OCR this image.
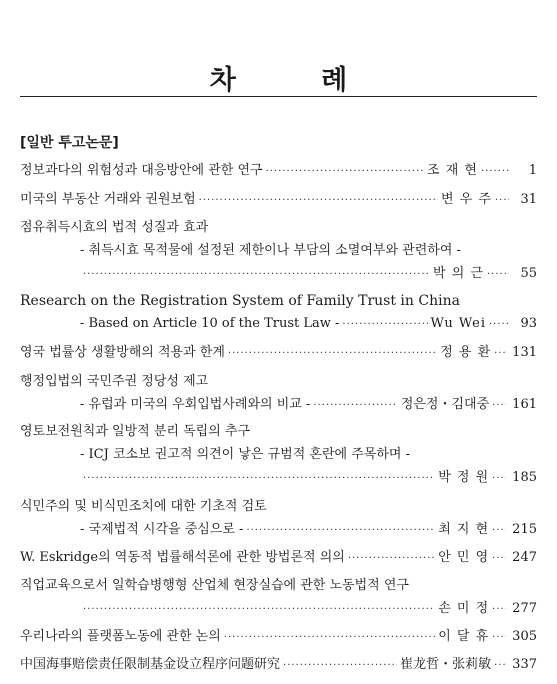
차 례
[일반 투고논문]
정보과다의 위험성과 대응방안에 관한 연구 ·····	조 재 현 ·····	1
미국의 부동산 거래와 권원보험 ·····	변 우 주 ·····	31
점유취득시효의 법적 성질과 효과
- 취득시효 목적물에 설정된 제한이나 부담의 소멸여부와 관련하여 -
·····
박 의 근 ·····	55
Research on the Registration System of Family Trust in China
- Based on Article 10 of the Trust Law - ·····	Wu Wei ·····	93
영국 법률상 생활방해의 적용과 한계 ·····	정 용 환 ····· 131
행정입법의 국민주권 정당성 제고
- 유럽과 미국의 우회입법사례와의 비교 - ·····	정은정・김대중 ····· 161
영토보전원칙과 일방적 분리 독립의 추구
- ICJ 코소보 권고적 의견이 낳은 규범적 혼란에 주목하며 -
·····
박 정 원 ····· 185
식민주의 및 비식민조치에 대한 기초적 검토
- 국제법적 시각을 중심으로 - ·····	최 지 현 ····· 215
W. Eskridge의 역동적 법률해석론에 관한 방법론적 의의 ·····	안 민 영 ····· 247
직업교육으로서 일학습병행형 산업체 현장실습에 관한 노동법적 연구
·····
손 미 정 ····· 277
우리나라의 플랫폼노동에 관한 논의 ·····	이 달 휴 ····· 305
中国海事赔偿责任限制基金设立程序问题研究 ·····	崔龙哲・张莉敏 ····· 337
